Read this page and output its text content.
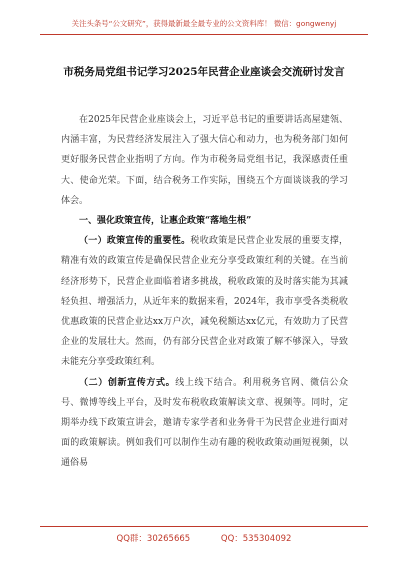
关注头条号“公文研究”，获得最新最全最专业的公文资料库！ 微信：gongwenyj
市税务局党组书记学习2025年民营企业座谈会交流研讨发言

在2025年民营企业座谈会上，习近平总书记的重要讲话高屋建瓴、内涵丰富，为民营经济发展注入了强大信心和动力，也为税务部门如何更好服务民营企业指明了方向。作为市税务局党组书记，我深感责任重大、使命光荣。下面，结合税务工作实际，围绕五个方面谈谈我的学习体会。

一、强化政策宣传，让惠企政策“落地生根”

（一）政策宣传的重要性。税收政策是民营企业发展的重要支撑，精准有效的政策宣传是确保民营企业充分享受政策红利的关键。在当前经济形势下，民营企业面临着诸多挑战，税收政策的及时落实能为其减轻负担、增强活力，从近年来的数据来看，2024年，我市享受各类税收优惠政策的民营企业达xx万户次，减免税额达xx亿元，有效助力了民营企业的发展壮大。然而，仍有部分民营企业对政策了解不够深入，导致未能充分享受政策红利。

（二）创新宣传方式。线上线下结合。利用税务官网、微信公众号、微博等线上平台，及时发布税收政策解读文章、视频等。同时，定期举办线下政策宣讲会，邀请专家学者和业务骨干为民营企业进行面对面的政策解读。例如我们可以制作生动有趣的税收政策动画短视频，以通俗易

QQ群：30265665	QQ：535304092
